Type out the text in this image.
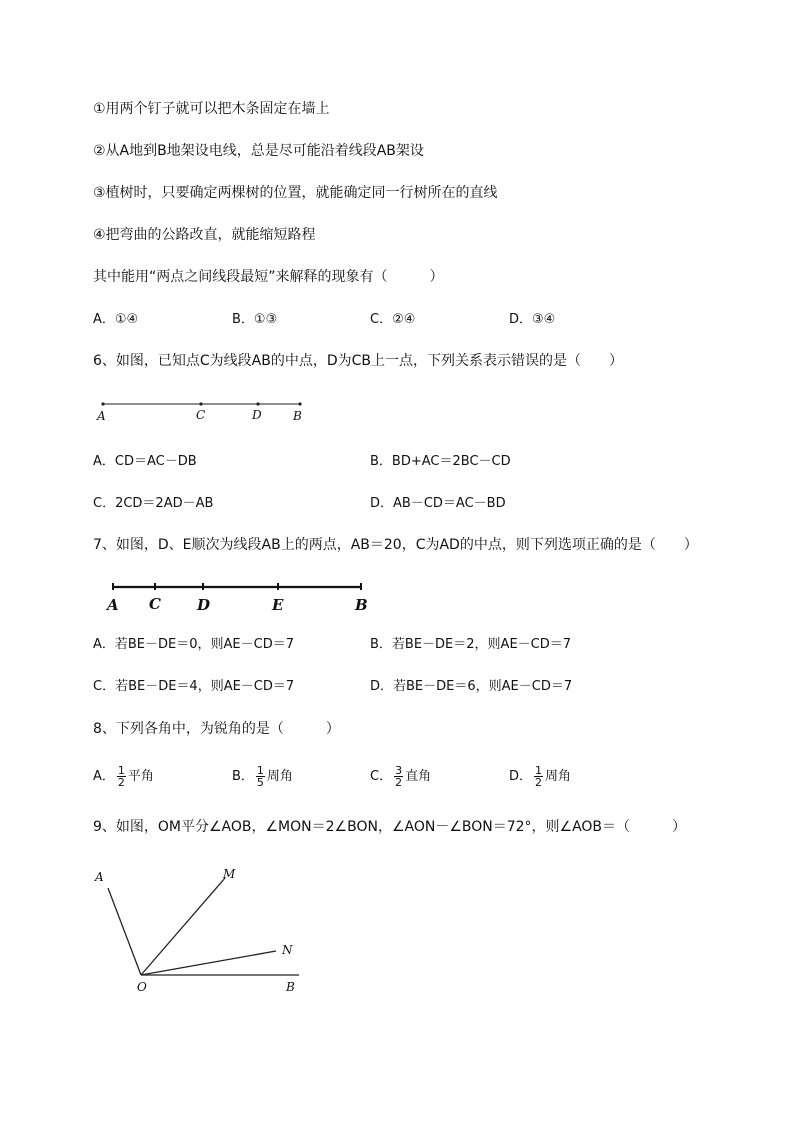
①用两个钉子就可以把木条固定在墙上
②从A地到B地架设电线，总是尽可能沿着线段AB架设
③植树时，只要确定两棵树的位置，就能确定同一行树所在的直线
④把弯曲的公路改直，就能缩短路程
其中能用“两点之间线段最短”来解释的现象有（　　　）
A．①④	B．①③	C．②④	D．③④
6、如图，已知点C为线段AB的中点，D为CB上一点，下列关系表示错误的是（　　）
A	C	D	B
A．CD＝AC－DB	B．BD+AC＝2BC－CD
C．2CD＝2AD－AB	D．AB－CD＝AC－BD
7、如图，D、E顺次为线段AB上的两点，AB＝20，C为AD的中点，则下列选项正确的是（　　）
A C D	E	B
A．若BE－DE＝0，则AE－CD＝7	B．若BE－DE＝2，则AE－CD＝7
C．若BE－DE＝4，则AE－CD＝7	D．若BE－DE＝6，则AE－CD＝7
8、下列各角中，为锐角的是（　　　）
A． $\frac{1}{2}$ 平角	B． $\frac{1}{5}$ 周角	C． $\frac{3}{2}$ 直角	D． $\frac{1}{2}$ 周角
9、如图，OM平分∠AOB，∠MON＝2∠BON，∠AON－∠BON＝72°，则∠AOB＝（　　　）
A	M
N
O	B
